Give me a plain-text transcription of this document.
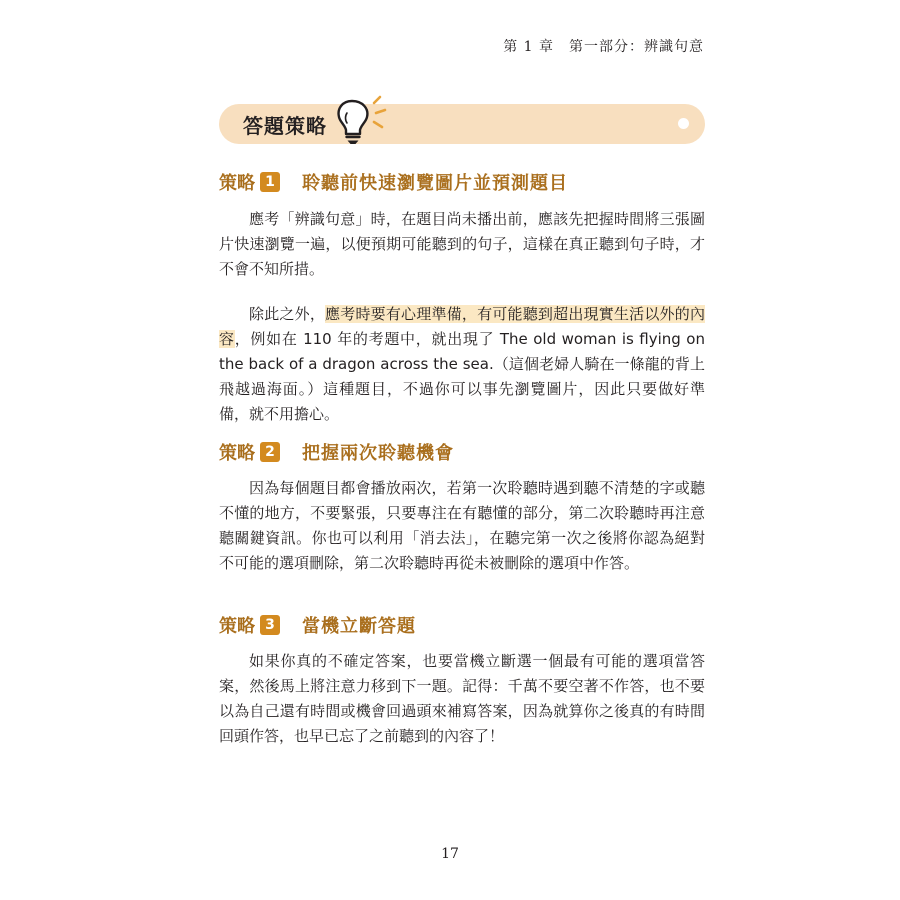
第 1 章　第一部分：辨識句意
答題策略
策略 1 聆聽前快速瀏覽圖片並預測題目

應考「辨識句意」時，在題目尚未播出前，應該先把握時間將三張圖片快速瀏覽一遍，以便預期可能聽到的句子，這樣在真正聽到句子時，才不會不知所措。

除此之外，應考時要有心理準備，有可能聽到超出現實生活以外的內容，例如在 110 年的考題中，就出現了 The old woman is flying on the back of a dragon across the sea.（這個老婦人騎在一條龍的背上飛越過海面。）這種題目，不過你可以事先瀏覽圖片，因此只要做好準備，就不用擔心。

策略 2 把握兩次聆聽機會

因為每個題目都會播放兩次，若第一次聆聽時遇到聽不清楚的字或聽不懂的地方，不要緊張，只要專注在有聽懂的部分，第二次聆聽時再注意聽關鍵資訊。你也可以利用「消去法」，在聽完第一次之後將你認為絕對不可能的選項刪除，第二次聆聽時再從未被刪除的選項中作答。

策略 3 當機立斷答題

如果你真的不確定答案，也要當機立斷選一個最有可能的選項當答案，然後馬上將注意力移到下一題。記得：千萬不要空著不作答，也不要以為自己還有時間或機會回過頭來補寫答案，因為就算你之後真的有時間回頭作答，也早已忘了之前聽到的內容了！

17
